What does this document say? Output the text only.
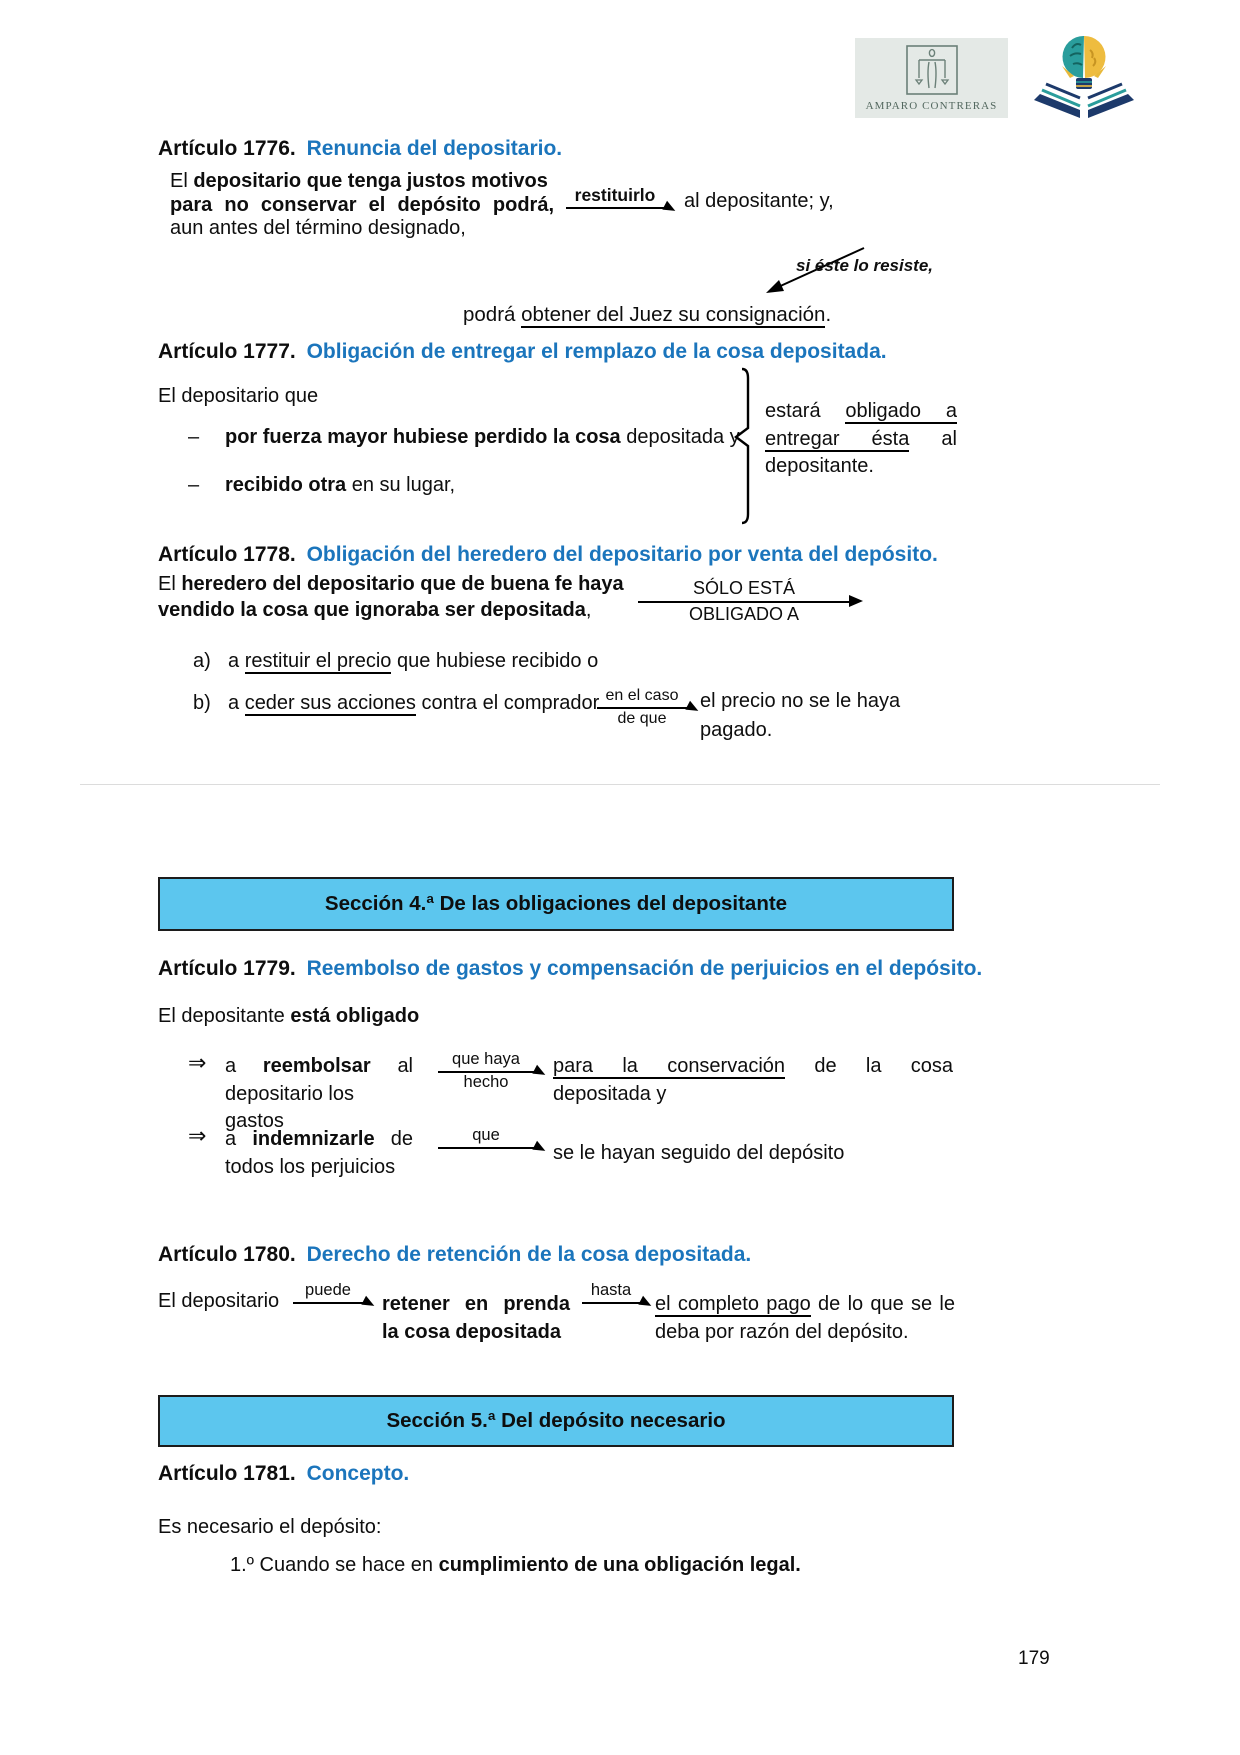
AMPARO CONTRERAS
Artículo 1776. Renuncia del depositario.
El depositario que tenga justos motivos
para no conservar el depósito podrá,
aun antes del término designado,
restituirlo	al depositante; y,
si éste lo resiste,
podrá obtener del Juez su consignación.
Artículo 1777. Obligación de entregar el remplazo de la cosa depositada.
El depositario que
– por fuerza mayor hubiese perdido la cosa depositada y
– recibido otra en su lugar,
estará obligado a
entregar ésta al
depositante.
Artículo 1778. Obligación del heredero del depositario por venta del depósito.
El heredero del depositario que de buena fe haya
vendido la cosa que ignoraba ser depositada,
SÓLO ESTÁ
OBLIGADO A
a) a restituir el precio que hubiese recibido o
b) a ceder sus acciones contra el comprador en el caso
de que
el precio no se le haya
pagado.
Sección 4.ª De las obligaciones del depositante
Artículo 1779. Reembolso de gastos y compensación de perjuicios en el depósito.
El depositante está obligado
⇒ a reembolsar al
depositario los gastos
que haya
hecho
para la conservación de la cosa
depositada y
⇒ a indemnizarle de
todos los perjuicios
que
se le hayan seguido del depósito
Artículo 1780. Derecho de retención de la cosa depositada.
El depositario	puede
retener en prenda
la cosa depositada
hasta
el completo pago de lo que se le
deba por razón del depósito.
Sección 5.ª Del depósito necesario
Artículo 1781. Concepto.
Es necesario el depósito:
1.º Cuando se hace en cumplimiento de una obligación legal.
179
